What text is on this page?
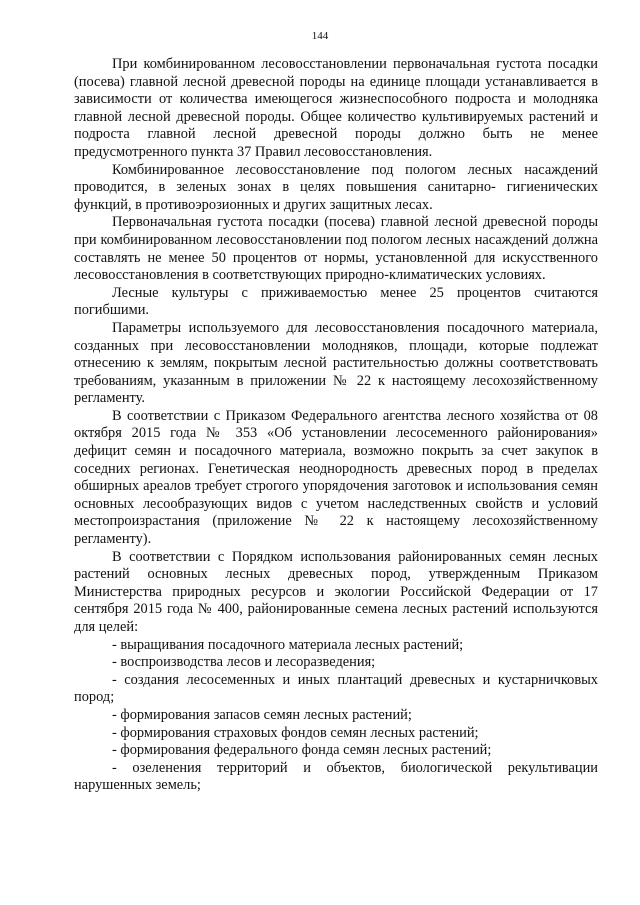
144

При комбинированном лесовосстановлении первоначальная густота посадки (посева) главной лесной древесной породы на единице площади устанавливается в зависимости от количества имеющегося жизнеспособного подроста и молодняка главной лесной древесной породы. Общее количество культивируемых растений и подроста главной лесной древесной породы должно быть не менее предусмотренного пункта 37 Правил лесовосстановления.

Комбинированное лесовосстановление под пологом лесных насаждений проводится, в зеленых зонах в целях повышения санитарно- гигиенических функций, в противоэрозионных и других защитных лесах.

Первоначальная густота посадки (посева) главной лесной древесной породы при комбинированном лесовосстановлении под пологом лесных насаждений должна составлять не менее 50 процентов от нормы, установленной для искусственного лесовосстановления в соответствующих природно-климатических условиях.

Лесные культуры с приживаемостью менее 25 процентов считаются погибшими.

Параметры используемого для лесовосстановления посадочного материала, созданных при лесовосстановлении молодняков, площади, которые подлежат отнесению к землям, покрытым лесной растительностью должны соответствовать требованиям, указанным в приложении № 22 к настоящему лесохозяйственному регламенту.

В соответствии с Приказом Федерального агентства лесного хозяйства от 08 октября 2015 года № 353 «Об установлении лесосеменного районирования» дефицит семян и посадочного материала, возможно покрыть за счет закупок в соседних регионах. Генетическая неоднородность древесных пород в пределах обширных ареалов требует строгого упорядочения заготовок и использования семян основных лесообразующих видов с учетом наследственных свойств и условий местопроизрастания (приложение № 22 к настоящему лесохозяйственному регламенту).

В соответствии с Порядком использования районированных семян лесных растений основных лесных древесных пород, утвержденным Приказом Министерства природных ресурсов и экологии Российской Федерации от 17 сентября 2015 года № 400, районированные семена лесных растений используются для целей:

- выращивания посадочного материала лесных растений;

- воспроизводства лесов и лесоразведения;

- создания лесосеменных и иных плантаций древесных и кустарничковых пород;

- формирования запасов семян лесных растений;

- формирования страховых фондов семян лесных растений;

- формирования федерального фонда семян лесных растений;

- озеленения территорий и объектов, биологической рекультивации нарушенных земель;
